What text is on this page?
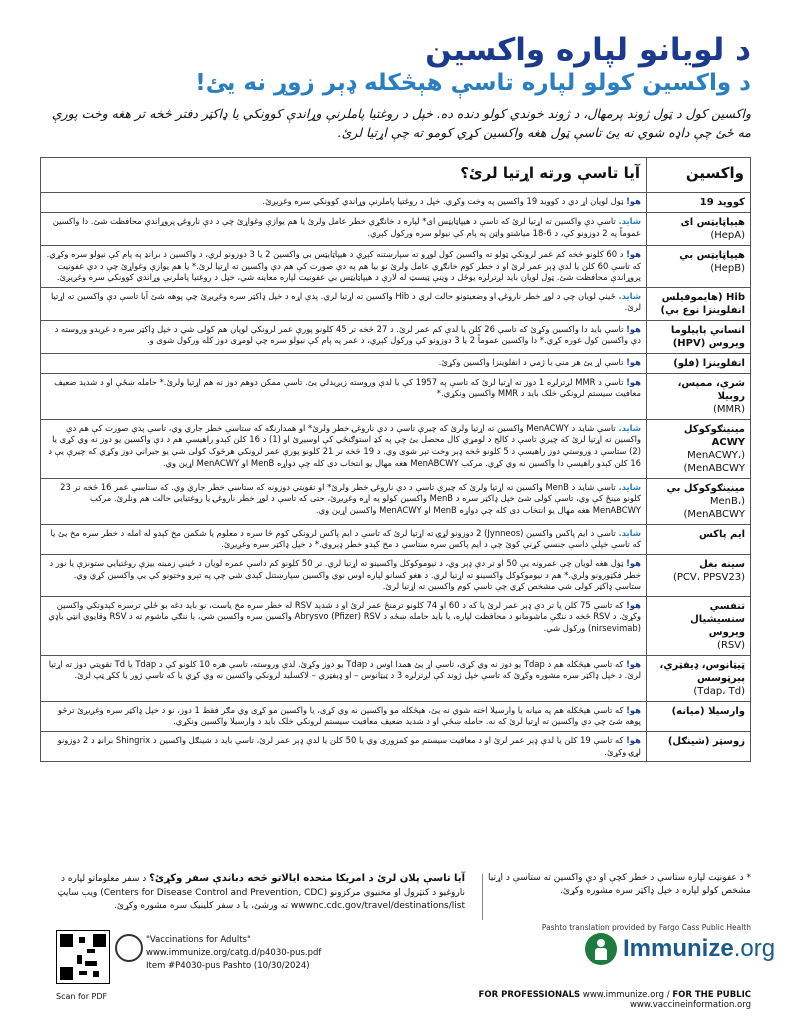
د لویانو لپاره واکسین
د واکسین کولو لپاره تاسې هېڅکله ډېر زوړ نه یئ!

واکسین کول د ټول ژوند پرمهال، د ژوند خوندي کولو دنده ده. خپل د روغتیا پاملرنې وړاندې کوونکي یا ډاکټر دفتر څخه تر هغه وخت پورې مه ځئ چې داډه شوي نه یئ تاسې ټول هغه واکسین کړي کومو ته چې اړتیا لرئ.

واکسین	آیا تاسې ورته اړتیا لرئ؟
کووید 19	هو! ټول لویان اړ دي د کووید 19 واکسین په وخت وکړي. خپل د روغتیا پاملرنې وړاندي کوونکي سره وغږیږئ.
هیپاټایټس ای
(HepA)	شاید. تاسې دې واکسین ته اړتیا لرئ که تاسې د هیپاټایټس ای* لپاره د خانګړي خطر عامل ولرئ یا هم یوازې وغواړئ چې د دې ناروغۍ پروړاندې محافظت شئ. دا واکسین عموماً په 2 دوزونو کې، د 6-18 میاشتو واټن په پام کې نیولو سره ورکول کېږي.
هیپاټایټس بي
(HepB)	هو! د 60 کلونو څخه کم عمر لرونکي ټولو ته واکسین کول لوړو ته سپارښتنه کېږي د هیپاټایټس بي واکسین 2 یا 3 دوزونو لري، د واکسین د برانډ په پام کې نیولو سره وکړي. که تاسې 60 کلن یا لدې ډېر عمر لرئ او د خطر کوم خانګړي عامل ولرئ نو بیا هم په دې صورت کې هم دې واکسین ته اړتیا لرئ.* یا هم یوازې وغواړئ چې د دې عفونیت پروړاندې محافظت شئ. ټول لویان باید لږترلږه یوځل د وینې ټیسټ له لارې د هیپاټایټس بي عفونیت لپاره معاینه شي، خپل د روغتیا پاملرنې وړاندي کوونکي سره وغږیږئ.
Hib (هایموفیلس انفلوینزا نوع بي)	شاید. ځینې لویان چې د لوړ خطر ناروغۍ او وضعیتونو حالت لري د Hib واکسین ته اړتیا لري. پدې اړه د خپل ډاکټر سره وغږیږئ چې پوهه شئ آیا تاسې دې واکسین ته اړتیا لرئ.
انساني پاپیلوما ویروس (HPV)	هو! تاسې باید دا واکسین وکړئ که تاسې 26 کلن یا لدې کم عمر لرئ. د 27 څخه تر 45 کلونو پورې عمر لرونکي لویان هم کولی شي د خپل ډاکټر سره د غږیدو وروسته د دې واکسین کول غوره کړي.* دا واکسین عموماً 2 یا 3 دوزونو کې ورکول کېږي، د عمر په پام کې نیولو سره چې لومړی دوز کله ورکول شوی و.
انفلوینزا (فلو)	هو! تاسې اړ یئ هر منې یا ژمي د انفلوینزا واکسین وکړئ.
شرې، ممپس، روبیلا
(MMR)	هو! تاسې د MMR لږترلږه 1 دوز ته اړتیا لرئ که تاسې په 1957 کې یا لدې وروسته زیږیدلي یئ. تاسې ممکن دوهم دوز ته هم اړتیا ولرئ.* حامله ښځې او د شدید ضعیف معافیت سیستم لرونکي خلک باید د MMR واکسین ونکړي.*
مینینګوکوکل ACWY
(MenACWY، MenABCWY)	شاید. تاسې شاید د MenACWY واکسین ته اړتیا ولرئ که چیرې تاسې د دې ناروغۍ خطر ولرئ* او همدارنګه که ستاسې خطر جاري وي، تاسې پدې صورت کې هم دې واکسین ته اړتیا لرئ که چیرې تاسې د کالج د لومړي کال محصل یئ چې په کډ استوګنځي کې اوسیږئ او (1) د 16 کلن کېدو راهیسې هم د دې واکسین یو دوز نه وي کړی یا (2) ستاسې د وروستي دوز راهیسې د 5 کلونو څخه ډېر وخت تېر شوی وي. د 19 څخه تر 21 کلونو پورې عمر لرونکي هرڅوک کولی شي یو جبراني دوز وکړي که چیرې یې د 16 کلن کېدو راهیسې دا واکسین نه وي کړي. مرکب MenABCWY هغه مهال یو انتخاب دی کله چې دواړه MenB او MenACWY اړین وي.
مینینګوکوکل بي
(MenB، MenABCWY)	شاید. تاسې شاید د MenB واکسین ته اړتیا ولرئ که چیرې تاسې د دې ناروغۍ خطر ولرئ* او تقویتي دوزونه که ستاسې خطر جاري وي. که ستاسې عمر 16 څخه تر 23 کلونو مینځ کې وي، تاسې کولی شئ خپل ډاکټر سره د MenB واکسین کولو په اړه وغږیږئ، حتی که تاسې د لوړ خطر ناروغۍ یا روغتیایي حالت هم ونلرئ. مرکب MenABCWY هغه مهال یو انتخاب دی کله چې دواړه MenB او MenACWY واکسین اړین وي.
ایم پاکس	شاید. تاسې د ایم پاکس واکسین (Jynneos) 2 دوزونو لړۍ ته اړتیا لرئ که تاسې د ایم پاکس لرونکي کوم څا سره د معلوم یا شکمن مخ کېدو له امله د خطر سره مخ یئ یا که تاسې خپلې داسې جنسي کړنې کوئ چې د ایم پاکس سره ستاسې د مخ کېدو خطر ډېروي.* د خپل ډاکټر سره وغږیږئ.
سینه بغل
(PCV، PPSV23)	هو! ټول هغه لویان چې عمرونه یې 50 او تر دې ډېر وي، د نیوموکوکل واکسینو ته اړتیا لري. تر 50 کلونو کم داسې عمره لویان د ځینې زمینه ییزې روغتیایي ستونزې یا نور د خطر فکټورونو ولري.* هم د نیوموکوکل واکسینو ته اړتیا لري. د هغو کسانو لپاره اوس نوي واکسین سپارښتنل کېدی شي چې په تېرو وختونو کې یې واکسین کړي وي. ستاسې ډاکټر کولی شي مشخص کړي چې تاسې کوم واکسین ته اړتیا لرئ.
تنفسي سنسیشیال ویروس
(RSV)	هو! که تاسې 75 کلن یا تر دې ډېر عمر لرئ یا که د 60 او 74 کلونو ترمنځ عمر لرئ او د شدید RSV له خطر سره مخ یاست، نو باید دغه یو ځلي ترسره کېدونکي واکسین وکړئ. د RSV څخه د ننګې ماشومانو د محافظت لپاره، یا باید حامله ښځه د Abrysvo (Pfizer) RSV واکسین سره واکسین شي، یا ننګې ماشوم ته د RSV وقایوي انټي باډي (nirsevimab) ورکول شي.
ټیټانوس، ډیفټري، پیرټوسس
(Tdap، Td)	هو! که تاسې هېڅکله هم د Tdap یو دوز نه وي کړی، تاسې اړ یئ همدا اوس د Tdap یو دوز وکړئ. لدې وروسته، تاسې هره 10 کلونو کې د Tdap یا Td تقویتي دوز ته اړتیا لرئ. د خپل ډاکټر سره مشوره وکړئ که تاسې خپل ژوند کې لږترلږه 3 د ټیټانوس – او ډیفټري – لاکسلید لرونکي واکسین نه وي کړي یا که تاسې ژور یا ککړ ټپ لرئ.
وارسیلا (میانه)	هو! که تاسې هېڅکله هم په میانه یا وارسیلا اخته شوي نه یئ، هېڅکله مو واکسین نه وي کړی، یا واکسین مو کړی وي مګر فقط 1 دوز، نو د خپل ډاکټر سره وغږیږئ ترڅو پوهه شئ چې دې واکسین ته اړتیا لرئ که نه. حامله ښځې او د شدید ضعیف معافیت سیستم لرونکي خلک باید د وارسیلا واکسین ونکړي.
زوسټر (شینګل)	هو! که تاسې 19 کلن یا لدې ډېر عمر لرئ او د معافیت سیستم مو کمزوری وي یا 50 کلن یا لدې ډېر عمر لرئ، تاسې باید د شینګل واکسین د Shingrix برانډ د 2 دوزونو لړۍ وکړئ.
* د عفونیت لپاره ستاسې د خطر کچې او دې واکسین ته ستاسې د اړتیا مشخص کولو لپاره د خپل ډاکټر سره مشوره وکړئ.
آیا تاسې پلان لرئ د امریکا متحده ایالاتو څخه دباندې سفر وکړئ؟ د سفر معلوماتو لپاره د ناروغیو د کنټرول او مخنیوي مرکزونو (Centers for Disease Control and Prevention, CDC) ویب سایټ wwwnc.cdc.gov/travel/destinations/list ته ورشئ، یا د سفر کلینیک سره مشوره وکړئ.
Pashto translation provided by Fargo Cass Public Health
Scan for PDF
"Vaccinations for Adults"
www.immunize.org/catg.d/p4030-pus.pdf
Item #P4030-pus Pashto (10/30/2024)
Immunize.org
FOR PROFESSIONALS www.immunize.org / FOR THE PUBLIC www.vaccineinformation.org
